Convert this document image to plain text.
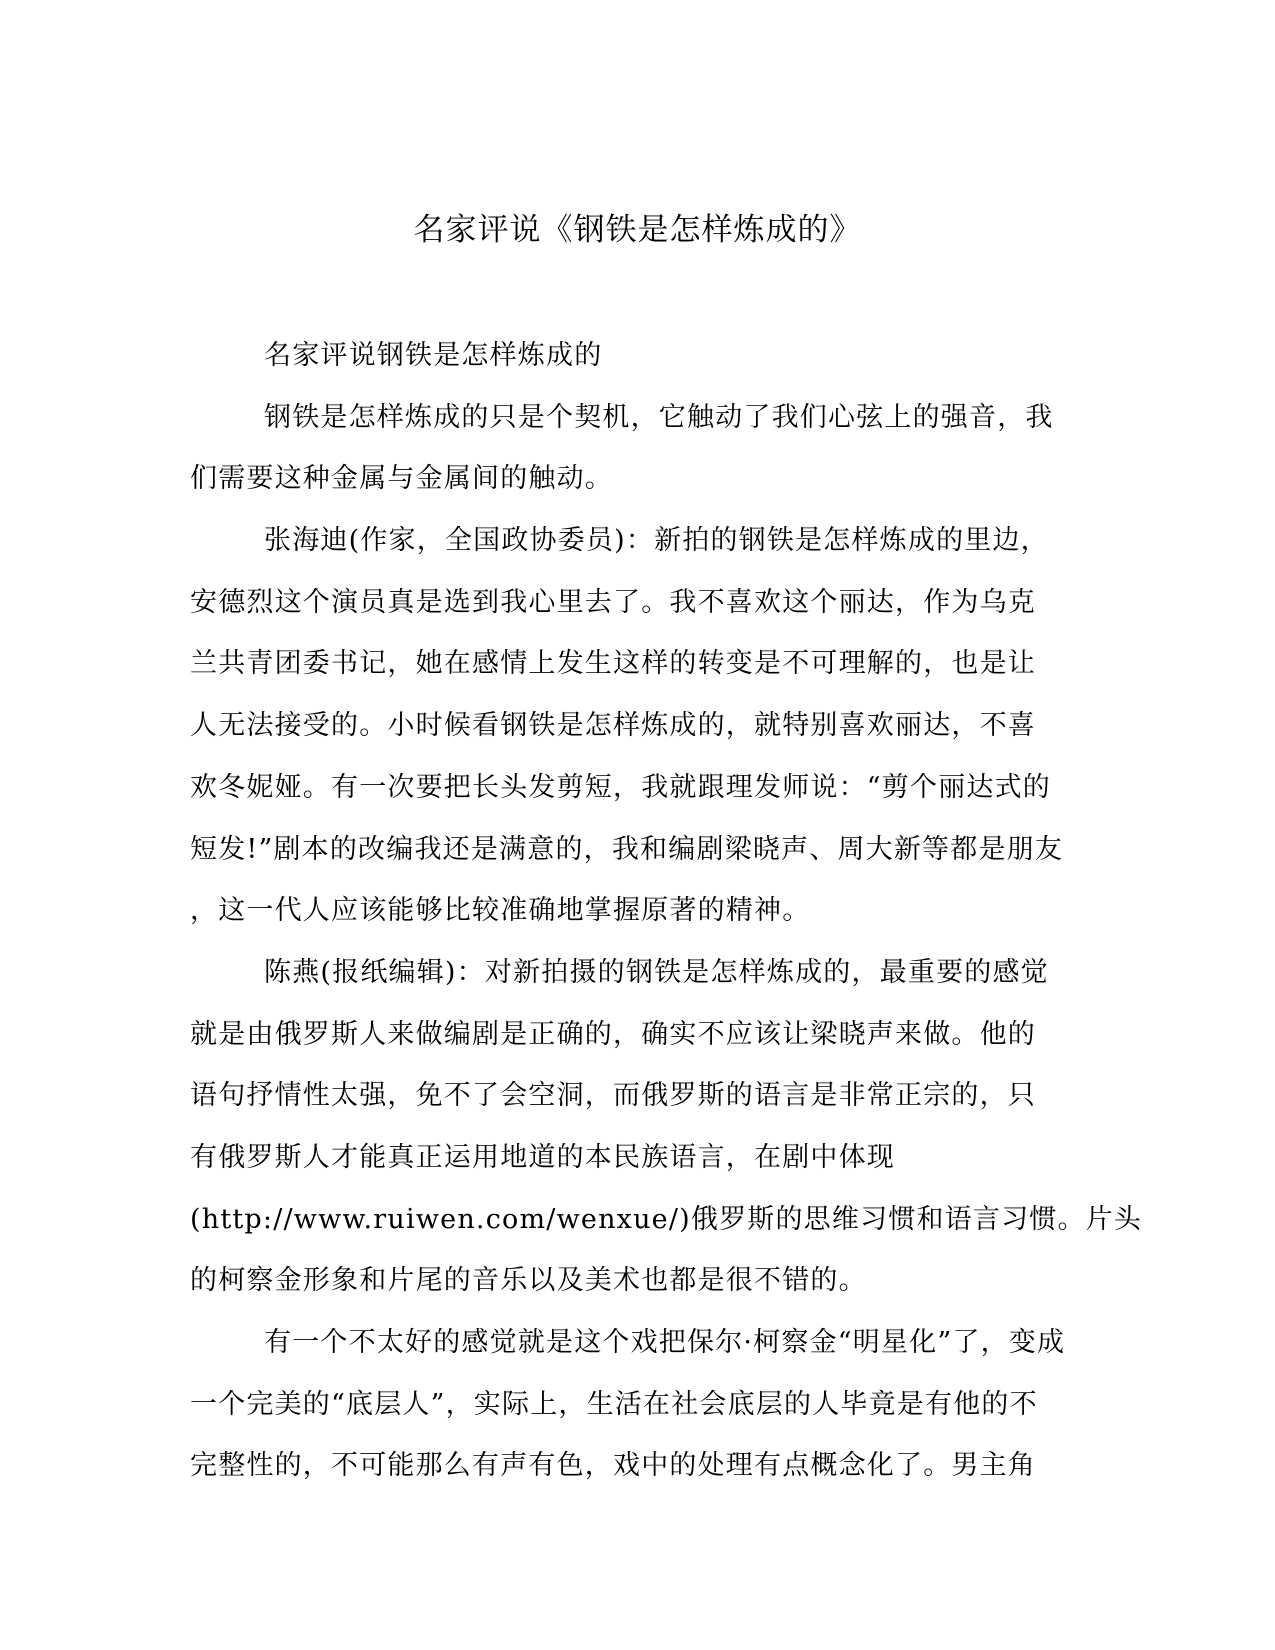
名家评说《钢铁是怎样炼成的》
名家评说钢铁是怎样炼成的
钢铁是怎样炼成的只是个契机，它触动了我们心弦上的强音，我
们需要这种金属与金属间的触动。
张海迪(作家，全国政协委员)：新拍的钢铁是怎样炼成的里边，
安德烈这个演员真是选到我心里去了。我不喜欢这个丽达，作为乌克
兰共青团委书记，她在感情上发生这样的转变是不可理解的，也是让
人无法接受的。小时候看钢铁是怎样炼成的，就特别喜欢丽达，不喜
欢冬妮娅。有一次要把长头发剪短，我就跟理发师说：“剪个丽达式的
短发!”剧本的改编我还是满意的，我和编剧梁晓声、周大新等都是朋友
，这一代人应该能够比较准确地掌握原著的精神。
陈燕(报纸编辑)：对新拍摄的钢铁是怎样炼成的，最重要的感觉
就是由俄罗斯人来做编剧是正确的，确实不应该让梁晓声来做。他的
语句抒情性太强，免不了会空洞，而俄罗斯的语言是非常正宗的，只
有俄罗斯人才能真正运用地道的本民族语言，在剧中体现
(http://www.ruiwen.com/wenxue/)俄罗斯的思维习惯和语言习惯。片头
的柯察金形象和片尾的音乐以及美术也都是很不错的。
有一个不太好的感觉就是这个戏把保尔·柯察金“明星化”了，变成
一个完美的“底层人”，实际上，生活在社会底层的人毕竟是有他的不
完整性的，不可能那么有声有色，戏中的处理有点概念化了。男主角
